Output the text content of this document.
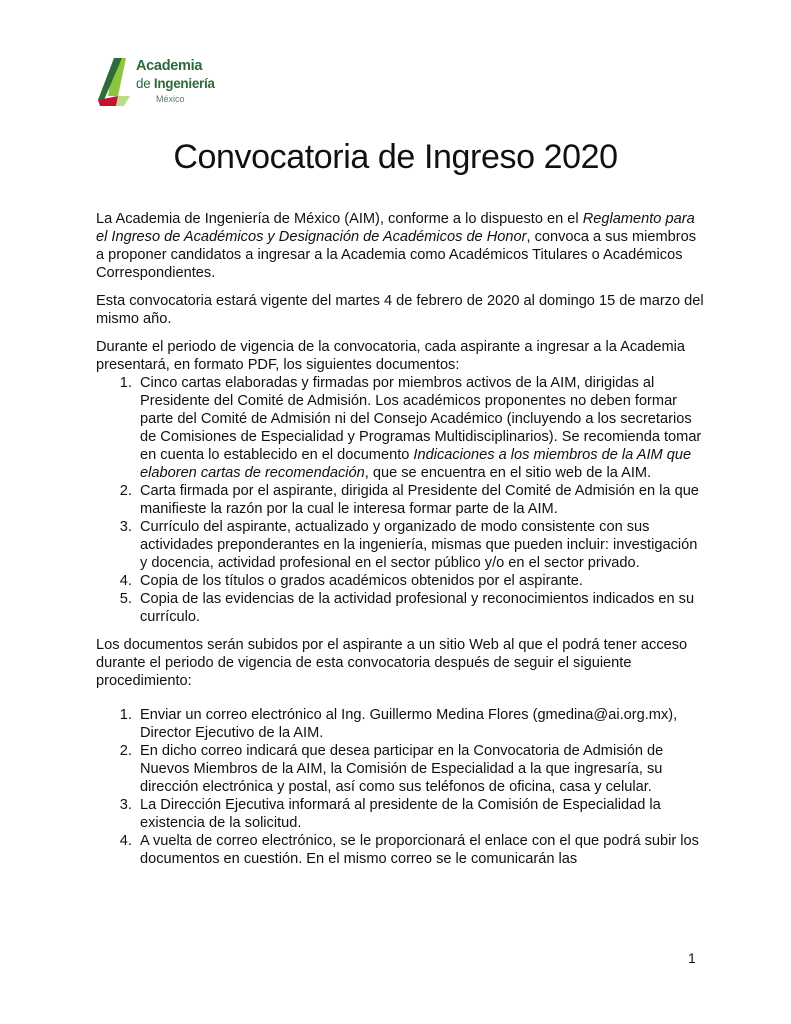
Academia
de Ingeniería
México
Convocatoria de Ingreso 2020

La Academia de Ingeniería de México (AIM), conforme a lo dispuesto en el Reglamento para el Ingreso de Académicos y Designación de Académicos de Honor, convoca a sus miembros a proponer candidatos a ingresar a la Academia como Académicos Titulares o Académicos Correspondientes.

Esta convocatoria estará vigente del martes 4 de febrero de 2020 al domingo 15 de marzo del mismo año.

Durante el periodo de vigencia de la convocatoria, cada aspirante a ingresar a la Academia presentará, en formato PDF, los siguientes documentos:

1. Cinco cartas elaboradas y firmadas por miembros activos de la AIM, dirigidas al Presidente del Comité de Admisión. Los académicos proponentes no deben formar parte del Comité de Admisión ni del Consejo Académico (incluyendo a los secretarios de Comisiones de Especialidad y Programas Multidisciplinarios). Se recomienda tomar en cuenta lo establecido en el documento Indicaciones a los miembros de la AIM que elaboren cartas de recomendación, que se encuentra en el sitio web de la AIM.
2. Carta firmada por el aspirante, dirigida al Presidente del Comité de Admisión en la que manifieste la razón por la cual le interesa formar parte de la AIM.
3. Currículo del aspirante, actualizado y organizado de modo consistente con sus actividades preponderantes en la ingeniería, mismas que pueden incluir: investigación y docencia, actividad profesional en el sector público y/o en el sector privado.
4. Copia de los títulos o grados académicos obtenidos por el aspirante.
5. Copia de las evidencias de la actividad profesional y reconocimientos indicados en su currículo.

Los documentos serán subidos por el aspirante a un sitio Web al que el podrá tener acceso durante el periodo de vigencia de esta convocatoria después de seguir el siguiente procedimiento:

1. Enviar un correo electrónico al Ing. Guillermo Medina Flores (gmedina@ai.org.mx), Director Ejecutivo de la AIM.
2. En dicho correo indicará que desea participar en la Convocatoria de Admisión de Nuevos Miembros de la AIM, la Comisión de Especialidad a la que ingresaría, su dirección electrónica y postal, así como sus teléfonos de oficina, casa y celular.
3. La Dirección Ejecutiva informará al presidente de la Comisión de Especialidad la existencia de la solicitud.
4. A vuelta de correo electrónico, se le proporcionará el enlace con el que podrá subir los documentos en cuestión. En el mismo correo se le comunicarán las
1
